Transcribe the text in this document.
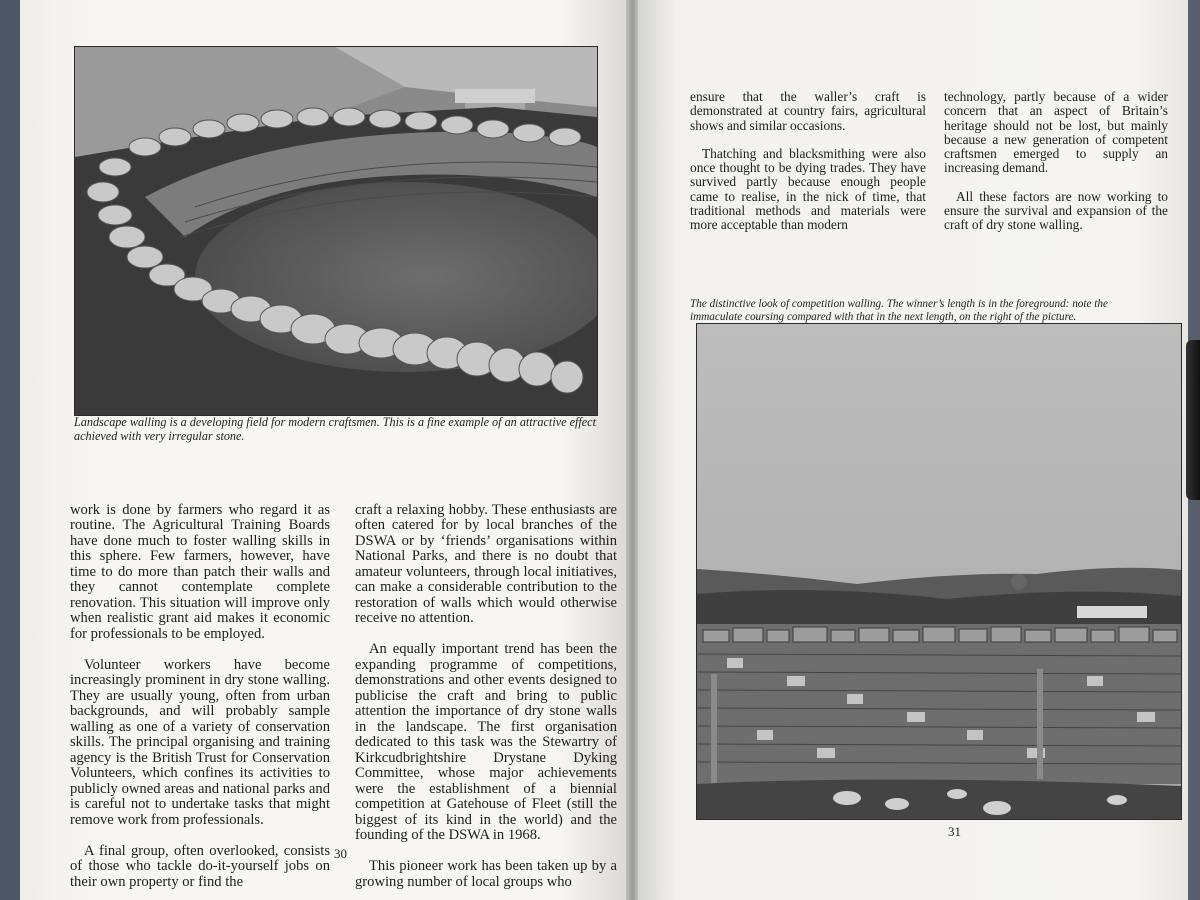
Landscape walling is a developing field for modern craftsmen. This is a fine example of an attractive effect achieved with very irregular stone.

work is done by farmers who regard it as routine. The Agricultural Training Boards have done much to foster walling skills in this sphere. Few farmers, however, have time to do more than patch their walls and they cannot contemplate complete renovation. This situation will improve only when realistic grant aid makes it economic for professionals to be employed.

Volunteer workers have become increasingly prominent in dry stone walling. They are usually young, often from urban backgrounds, and will probably sample walling as one of a variety of conservation skills. The principal organising and training agency is the British Trust for Conservation Volunteers, which confines its activities to publicly owned areas and national parks and is careful not to undertake tasks that might remove work from professionals.

A final group, often overlooked, consists of those who tackle do-it-yourself jobs on their own property or find the

craft a relaxing hobby. These enthusiasts are often catered for by local branches of the DSWA or by ‘friends’ organisations within National Parks, and there is no doubt that amateur volunteers, through local initiatives, can make a considerable contribution to the restoration of walls which would otherwise receive no attention.

An equally important trend has been the expanding programme of competitions, demonstrations and other events designed to publicise the craft and bring to public attention the importance of dry stone walls in the landscape. The first organisation dedicated to this task was the Stewartry of Kirkcudbrightshire Drystane Dyking Committee, whose major achievements were the establishment of a biennial competition at Gatehouse of Fleet (still the biggest of its kind in the world) and the founding of the DSWA in 1968.

This pioneer work has been taken up by a growing number of local groups who

30

ensure that the waller’s craft is demonstrated at country fairs, agricultural shows and similar occasions.

Thatching and blacksmithing were also once thought to be dying trades. They have survived partly because enough people came to realise, in the nick of time, that traditional methods and materials were more acceptable than modern

technology, partly because of a wider concern that an aspect of Britain’s heritage should not be lost, but mainly because a new generation of competent craftsmen emerged to supply an increasing demand.

All these factors are now working to ensure the survival and expansion of the craft of dry stone walling.

The distinctive look of competition walling. The winner’s length is in the foreground: note the immaculate coursing compared with that in the next length, on the right of the picture.
31
